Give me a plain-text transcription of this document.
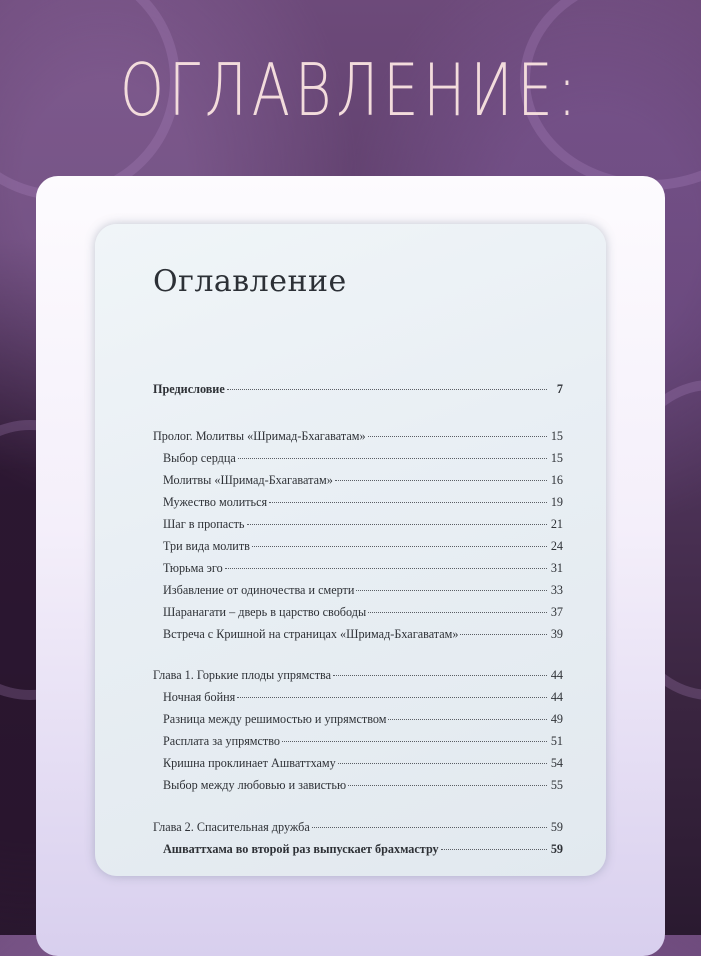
ОГЛАВЛЕНИЕ:
Оглавление
Предисловие	7
Пролог. Молитвы «Шримад-Бхагаватам»	15
Выбор сердца	15
Молитвы «Шримад-Бхагаватам»	16
Мужество молиться	19
Шаг в пропасть	21
Три вида молитв	24
Тюрьма эго	31
Избавление от одиночества и смерти	33
Шаранагати – дверь в царство свободы	37
Встреча с Кришной на страницах «Шримад-Бхагаватам»	39
Глава 1. Горькие плоды упрямства	44
Ночная бойня	44
Разница между решимостью и упрямством	49
Расплата за упрямство	51
Кришна проклинает Ашваттхаму	54
Выбор между любовью и завистью	55
Глава 2. Спасительная дружба	59
Ашваттхама во второй раз выпускает брахмастру	59
